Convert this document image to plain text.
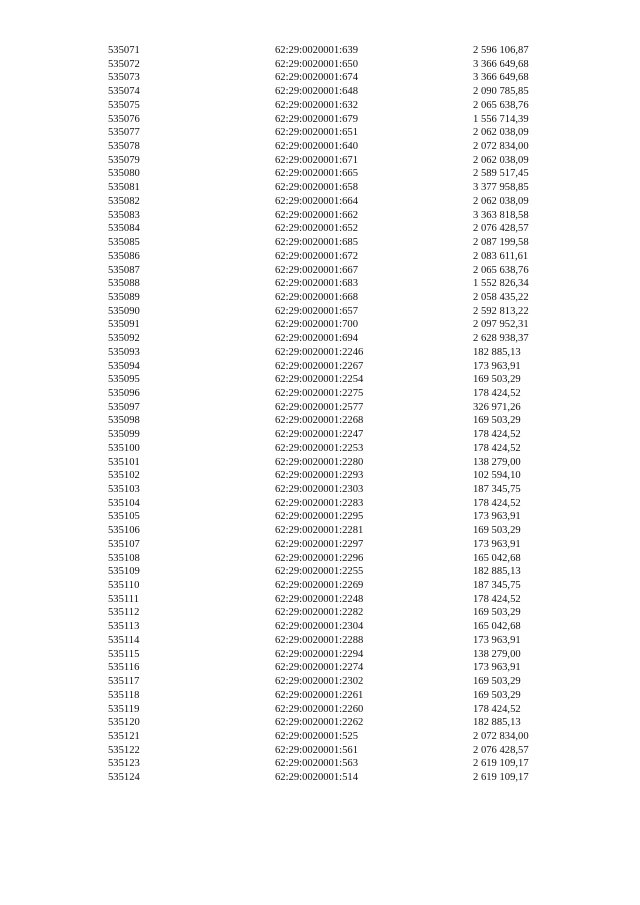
535071	62:29:0020001:639	2 596 106,87
535072	62:29:0020001:650	3 366 649,68
535073	62:29:0020001:674	3 366 649,68
535074	62:29:0020001:648	2 090 785,85
535075	62:29:0020001:632	2 065 638,76
535076	62:29:0020001:679	1 556 714,39
535077	62:29:0020001:651	2 062 038,09
535078	62:29:0020001:640	2 072 834,00
535079	62:29:0020001:671	2 062 038,09
535080	62:29:0020001:665	2 589 517,45
535081	62:29:0020001:658	3 377 958,85
535082	62:29:0020001:664	2 062 038,09
535083	62:29:0020001:662	3 363 818,58
535084	62:29:0020001:652	2 076 428,57
535085	62:29:0020001:685	2 087 199,58
535086	62:29:0020001:672	2 083 611,61
535087	62:29:0020001:667	2 065 638,76
535088	62:29:0020001:683	1 552 826,34
535089	62:29:0020001:668	2 058 435,22
535090	62:29:0020001:657	2 592 813,22
535091	62:29:0020001:700	2 097 952,31
535092	62:29:0020001:694	2 628 938,37
535093	62:29:0020001:2246	182 885,13
535094	62:29:0020001:2267	173 963,91
535095	62:29:0020001:2254	169 503,29
535096	62:29:0020001:2275	178 424,52
535097	62:29:0020001:2577	326 971,26
535098	62:29:0020001:2268	169 503,29
535099	62:29:0020001:2247	178 424,52
535100	62:29:0020001:2253	178 424,52
535101	62:29:0020001:2280	138 279,00
535102	62:29:0020001:2293	102 594,10
535103	62:29:0020001:2303	187 345,75
535104	62:29:0020001:2283	178 424,52
535105	62:29:0020001:2295	173 963,91
535106	62:29:0020001:2281	169 503,29
535107	62:29:0020001:2297	173 963,91
535108	62:29:0020001:2296	165 042,68
535109	62:29:0020001:2255	182 885,13
535110	62:29:0020001:2269	187 345,75
535111	62:29:0020001:2248	178 424,52
535112	62:29:0020001:2282	169 503,29
535113	62:29:0020001:2304	165 042,68
535114	62:29:0020001:2288	173 963,91
535115	62:29:0020001:2294	138 279,00
535116	62:29:0020001:2274	173 963,91
535117	62:29:0020001:2302	169 503,29
535118	62:29:0020001:2261	169 503,29
535119	62:29:0020001:2260	178 424,52
535120	62:29:0020001:2262	182 885,13
535121	62:29:0020001:525	2 072 834,00
535122	62:29:0020001:561	2 076 428,57
535123	62:29:0020001:563	2 619 109,17
535124	62:29:0020001:514	2 619 109,17
